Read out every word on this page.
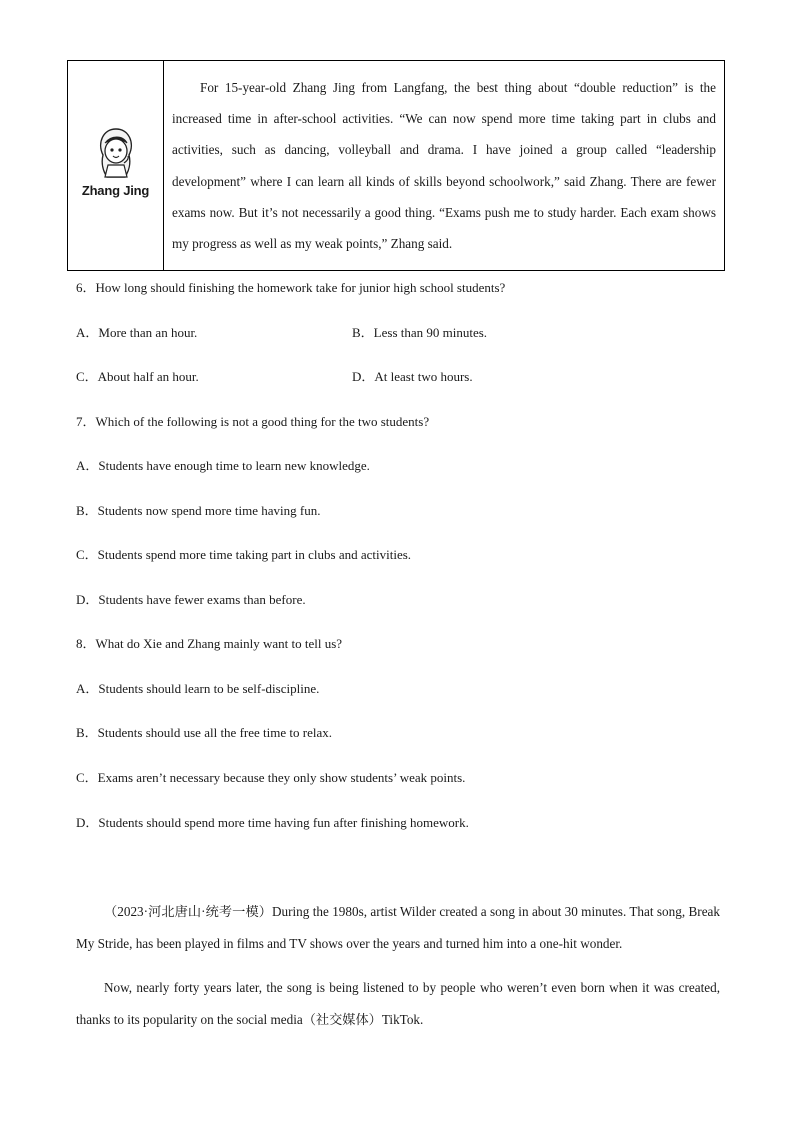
Zhang Jing

For 15-year-old Zhang Jing from Langfang, the best thing about “double reduction” is the increased time in after-school activities. “We can now spend more time taking part in clubs and activities, such as dancing, volleyball and drama. I have joined a group called “leadership development” where I can learn all kinds of skills beyond schoolwork,” said Zhang. There are fewer exams now. But it’s not necessarily a good thing. “Exams push me to study harder. Each exam shows my progress as well as my weak points,” Zhang said.

6．How long should finishing the homework take for junior high school students?
A．More than an hour.	B．Less than 90 minutes.
C．About half an hour.	D．At least two hours.
7．Which of the following is not a good thing for the two students?
A．Students have enough time to learn new knowledge.
B．Students now spend more time having fun.
C．Students spend more time taking part in clubs and activities.
D．Students have fewer exams than before.
8．What do Xie and Zhang mainly want to tell us?
A．Students should learn to be self-discipline.
B．Students should use all the free time to relax.
C．Exams aren’t necessary because they only show students’ weak points.
D．Students should spend more time having fun after finishing homework.

（2023·河北唐山·统考一模）During the 1980s, artist Wilder created a song in about 30 minutes. That song, Break My Stride, has been played in films and TV shows over the years and turned him into a one-hit wonder.

Now, nearly forty years later, the song is being listened to by people who weren’t even born when it was created, thanks to its popularity on the social media（社交媒体）TikTok.
